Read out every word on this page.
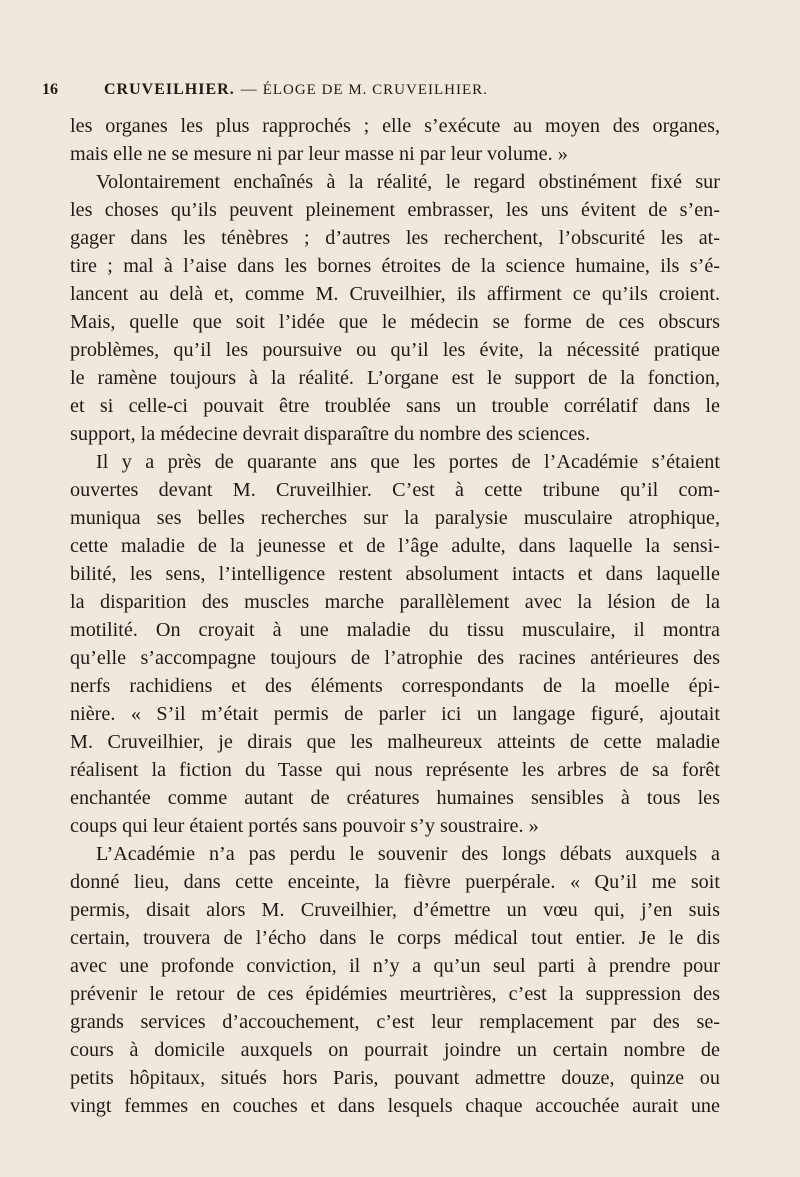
16	CRUVEILHIER. — ÉLOGE DE M. CRUVEILHIER.
les organes les plus rapprochés ; elle s’exécute au moyen des organes,
mais elle ne se mesure ni par leur masse ni par leur volume. »
Volontairement enchaînés à la réalité, le regard obstinément fixé sur
les choses qu’ils peuvent pleinement embrasser, les uns évitent de s’en-
gager dans les ténèbres ; d’autres les recherchent, l’obscurité les at-
tire ; mal à l’aise dans les bornes étroites de la science humaine, ils s’é-
lancent au delà et, comme M. Cruveilhier, ils affirment ce qu’ils croient.
Mais, quelle que soit l’idée que le médecin se forme de ces obscurs
problèmes, qu’il les poursuive ou qu’il les évite, la nécessité pratique
le ramène toujours à la réalité. L’organe est le support de la fonction,
et si celle-ci pouvait être troublée sans un trouble corrélatif dans le
support, la médecine devrait disparaître du nombre des sciences.
Il y a près de quarante ans que les portes de l’Académie s’étaient
ouvertes devant M. Cruveilhier. C’est à cette tribune qu’il com-
muniqua ses belles recherches sur la paralysie musculaire atrophique,
cette maladie de la jeunesse et de l’âge adulte, dans laquelle la sensi-
bilité, les sens, l’intelligence restent absolument intacts et dans laquelle
la disparition des muscles marche parallèlement avec la lésion de la
motilité. On croyait à une maladie du tissu musculaire, il montra
qu’elle s’accompagne toujours de l’atrophie des racines antérieures des
nerfs rachidiens et des éléments correspondants de la moelle épi-
nière. « S’il m’était permis de parler ici un langage figuré, ajoutait
M. Cruveilhier, je dirais que les malheureux atteints de cette maladie
réalisent la fiction du Tasse qui nous représente les arbres de sa forêt
enchantée comme autant de créatures humaines sensibles à tous les
coups qui leur étaient portés sans pouvoir s’y soustraire. »
L’Académie n’a pas perdu le souvenir des longs débats auxquels a
donné lieu, dans cette enceinte, la fièvre puerpérale. « Qu’il me soit
permis, disait alors M. Cruveilhier, d’émettre un vœu qui, j’en suis
certain, trouvera de l’écho dans le corps médical tout entier. Je le dis
avec une profonde conviction, il n’y a qu’un seul parti à prendre pour
prévenir le retour de ces épidémies meurtrières, c’est la suppression des
grands services d’accouchement, c’est leur remplacement par des se-
cours à domicile auxquels on pourrait joindre un certain nombre de
petits hôpitaux, situés hors Paris, pouvant admettre douze, quinze ou
vingt femmes en couches et dans lesquels chaque accouchée aurait une
